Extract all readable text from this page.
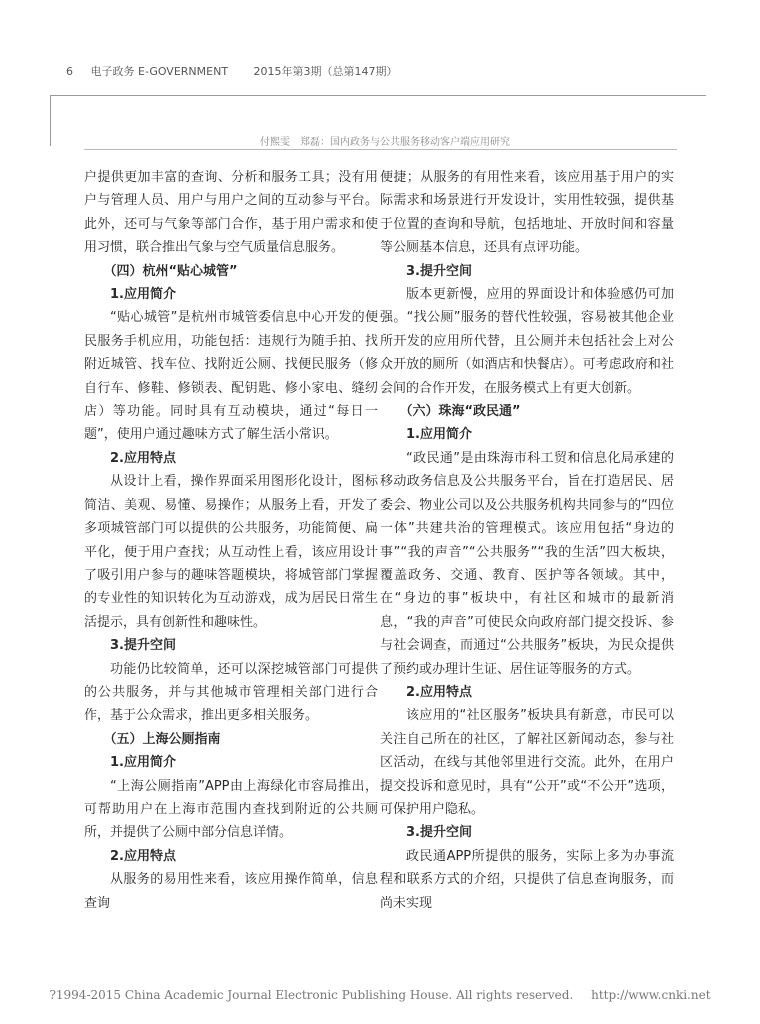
6 电子政务 E-GOVERNMENT 2015年第3期（总第147期）
付熙雯　郑磊：国内政务与公共服务移动客户端应用研究

户提供更加丰富的查询、分析和服务工具；没有用户与管理人员、用户与用户之间的互动参与平台。此外，还可与气象等部门合作，基于用户需求和使用习惯，联合推出气象与空气质量信息服务。

（四）杭州“贴心城管”

1.应用简介

“贴心城管”是杭州市城管委信息中心开发的便民服务手机应用，功能包括：违规行为随手拍、找附近城管、找车位、找附近公厕、找便民服务（修自行车、修鞋、修锁表、配钥匙、修小家电、缝纫店）等功能。同时具有互动模块，通过“每日一题”，使用户通过趣味方式了解生活小常识。

2.应用特点

从设计上看，操作界面采用图形化设计，图标简洁、美观、易懂、易操作；从服务上看，开发了多项城管部门可以提供的公共服务，功能简便、扁平化，便于用户查找；从互动性上看，该应用设计了吸引用户参与的趣味答题模块，将城管部门掌握的专业性的知识转化为互动游戏，成为居民日常生活提示，具有创新性和趣味性。

3.提升空间

功能仍比较简单，还可以深挖城管部门可提供的公共服务，并与其他城市管理相关部门进行合作，基于公众需求，推出更多相关服务。

（五）上海公厕指南

1.应用简介

“上海公厕指南”APP由上海绿化市容局推出，可帮助用户在上海市范围内查找到附近的公共厕所，并提供了公厕中部分信息详情。

2.应用特点

从服务的易用性来看，该应用操作简单，信息查询

便捷；从服务的有用性来看，该应用基于用户的实际需求和场景进行开发设计，实用性较强，提供基于位置的查询和导航，包括地址、开放时间和容量等公厕基本信息，还具有点评功能。

3.提升空间

版本更新慢，应用的界面设计和体验感仍可加强。“找公厕”服务的替代性较强，容易被其他企业所开发的应用所代替，且公厕并未包括社会上对公众开放的厕所（如酒店和快餐店）。可考虑政府和社会间的合作开发，在服务模式上有更大创新。

（六）珠海“政民通”

1.应用简介

“政民通”是由珠海市科工贸和信息化局承建的移动政务信息及公共服务平台，旨在打造居民、居委会、物业公司以及公共服务机构共同参与的“四位一体”共建共治的管理模式。该应用包括“身边的事”“我的声音”“公共服务”“我的生活”四大板块，覆盖政务、交通、教育、医护等各领域。其中，在“身边的事”板块中，有社区和城市的最新消息，“我的声音”可使民众向政府部门提交投诉、参与社会调查，而通过“公共服务”板块，为民众提供了预约或办理计生证、居住证等服务的方式。

2.应用特点

该应用的“社区服务”板块具有新意，市民可以关注自己所在的社区，了解社区新闻动态，参与社区活动，在线与其他邻里进行交流。此外，在用户提交投诉和意见时，具有“公开”或“不公开”选项，可保护用户隐私。

3.提升空间

政民通APP所提供的服务，实际上多为办事流程和联系方式的介绍，只提供了信息查询服务，而尚未实现

?1994-2015 China Academic Journal Electronic Publishing House. All rights reserved. http://www.cnki.net
